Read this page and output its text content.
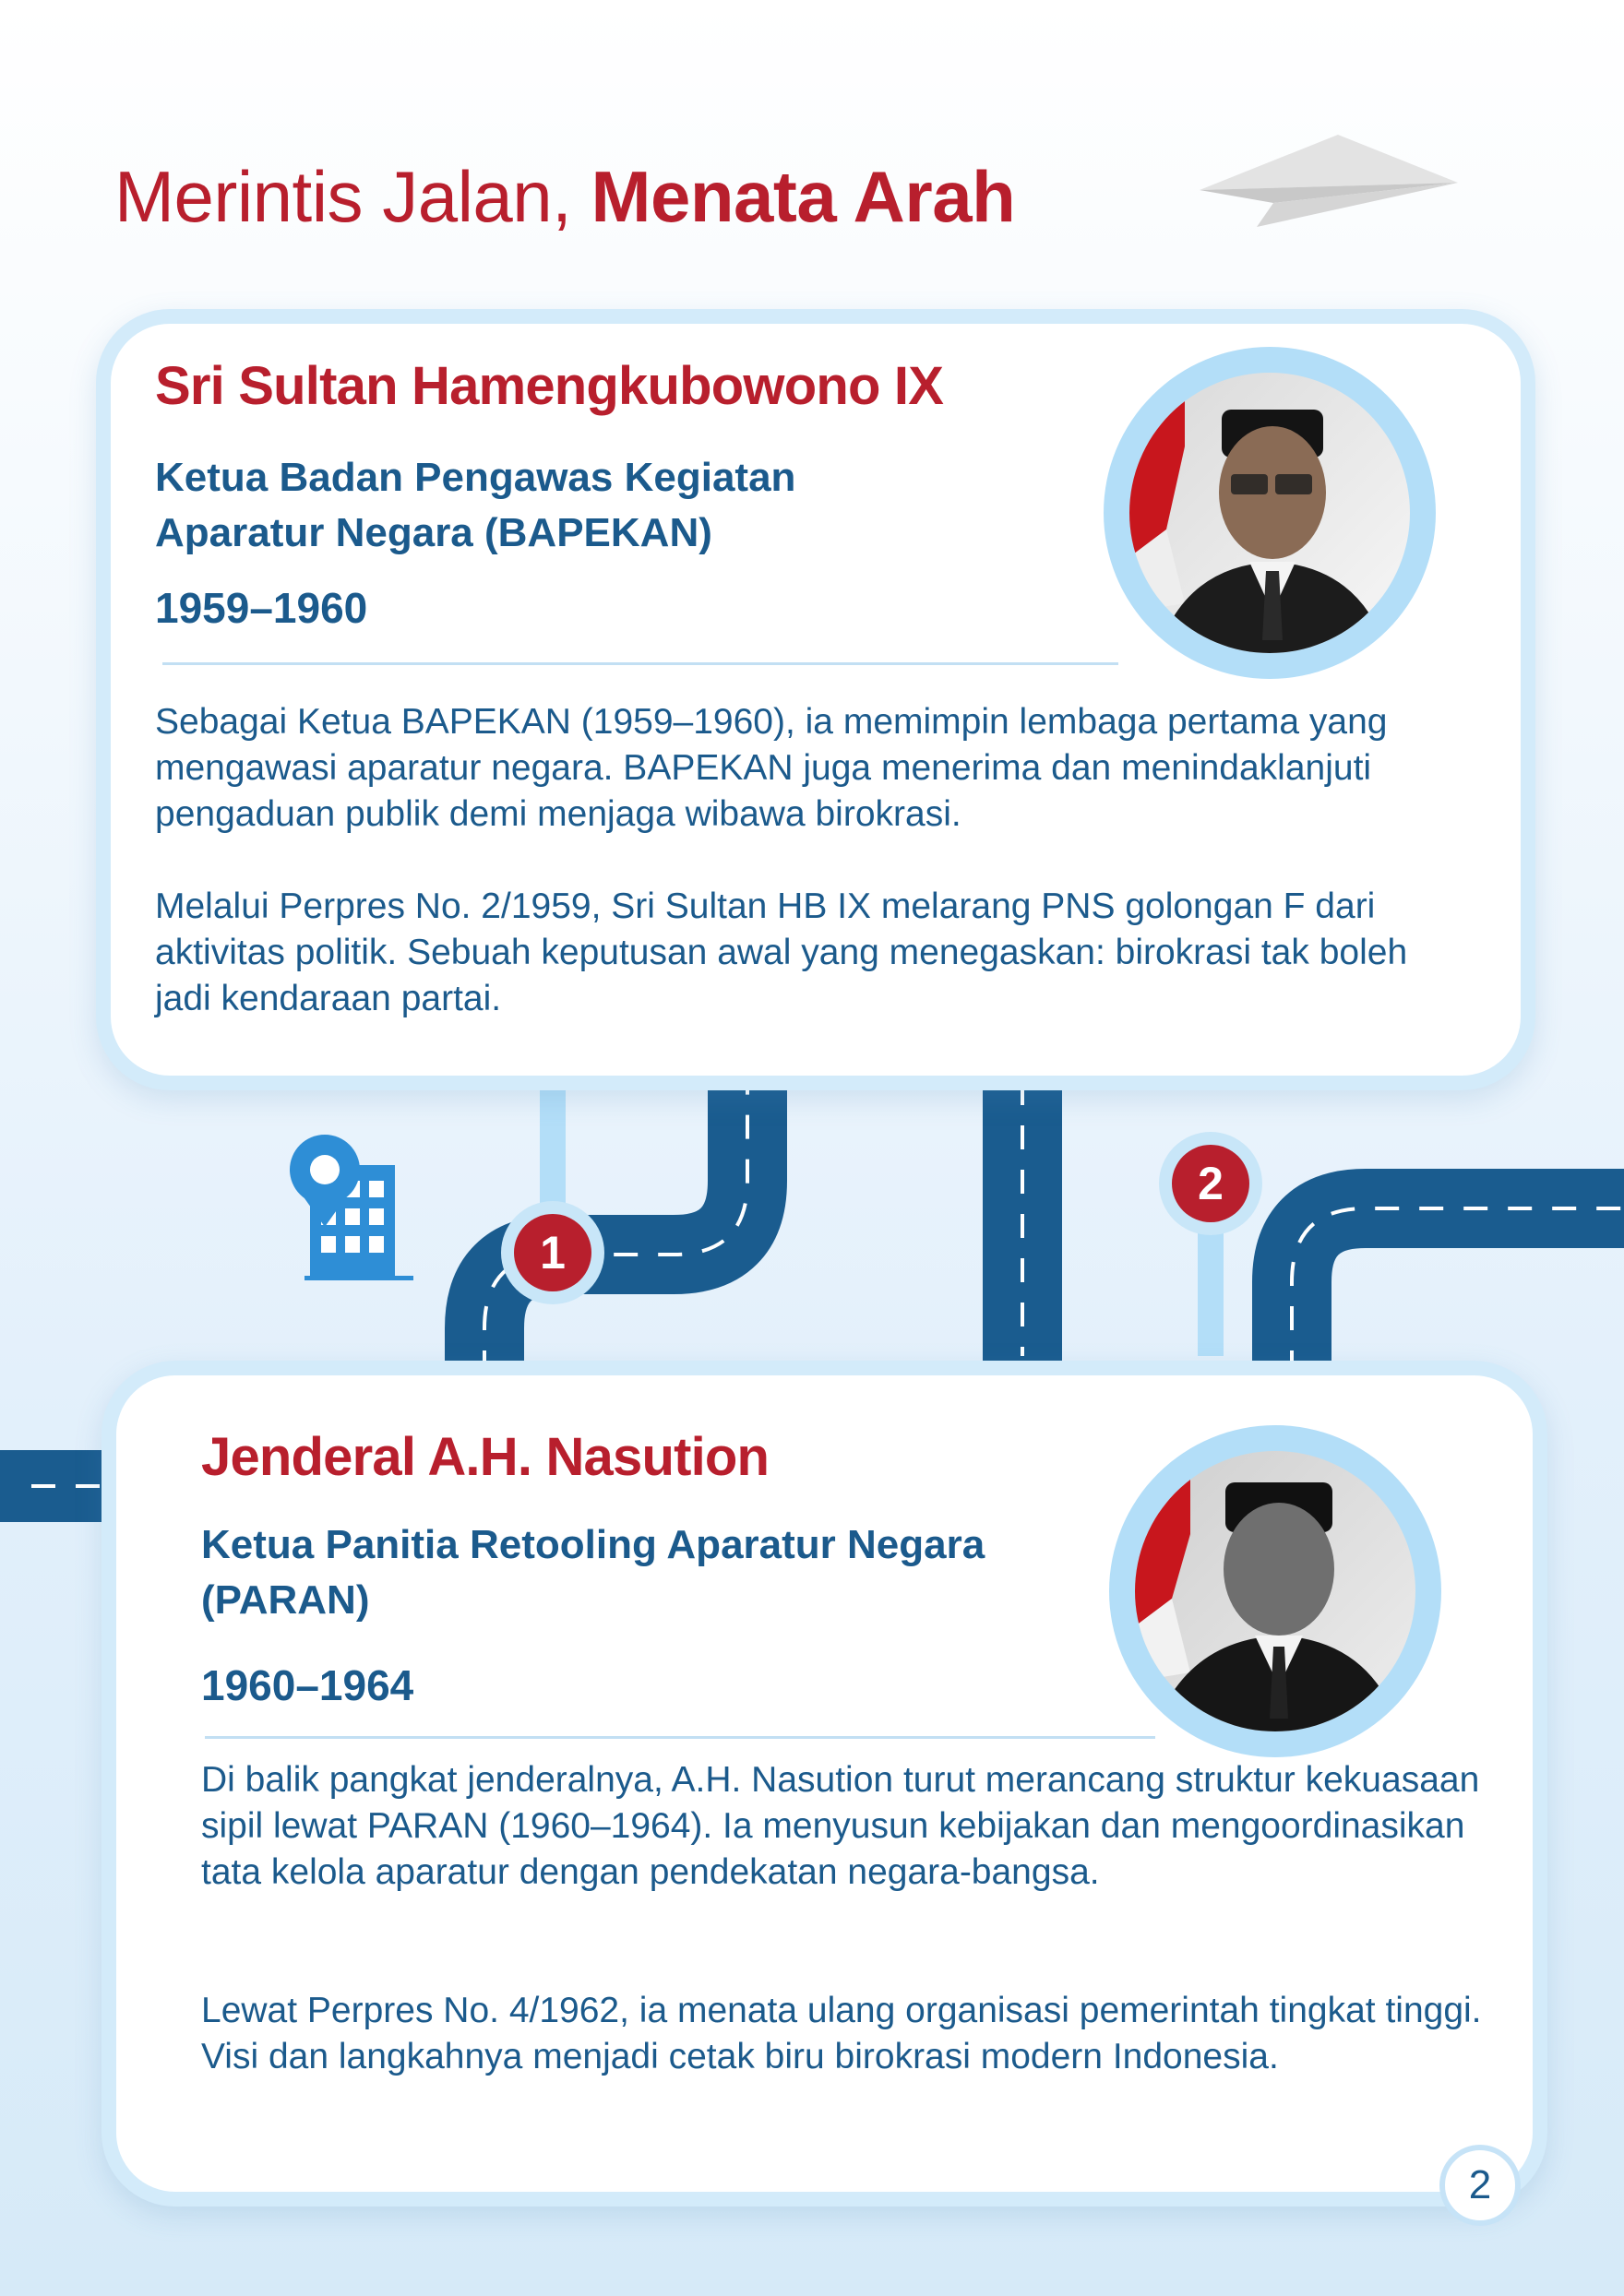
Merintis Jalan, Menata Arah
1
2
Sri Sultan Hamengkubowono IX
Ketua Badan Pengawas Kegiatan Aparatur Negara (BAPEKAN)
1959–1960
Sebagai Ketua BAPEKAN (1959–1960), ia memimpin lembaga pertama yang mengawasi aparatur negara. BAPEKAN juga menerima dan menindaklanjuti pengaduan publik demi menjaga wibawa birokrasi.
Melalui Perpres No. 2/1959, Sri Sultan HB IX melarang PNS golongan F dari aktivitas politik. Sebuah keputusan awal yang menegaskan: birokrasi tak boleh jadi kendaraan partai.
Jenderal A.H. Nasution
Ketua Panitia Retooling Aparatur Negara (PARAN)
1960–1964
Di balik pangkat jenderalnya, A.H. Nasution turut merancang struktur kekuasaan sipil lewat PARAN (1960–1964). Ia menyusun kebijakan dan mengoordinasikan tata kelola aparatur dengan pendekatan negara-bangsa.
Lewat Perpres No. 4/1962, ia menata ulang organisasi pemerintah tingkat tinggi. Visi dan langkahnya menjadi cetak biru birokrasi modern Indonesia.
2
